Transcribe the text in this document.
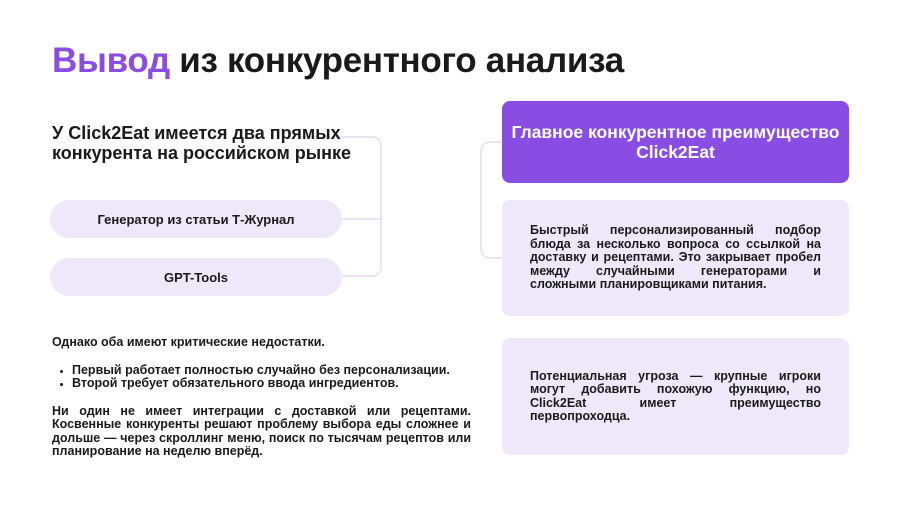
Вывод из конкурентного анализа
У Click2Eat имеется два прямых конкурента на российском рынке
Генератор из статьи Т-Журнал
GPT-Tools

Однако оба имеют критические недостатки.

• Первый работает полностью случайно без персонализации.
• Второй требует обязательного ввода ингредиентов.

Ни один не имеет интеграции с доставкой или рецептами. Косвенные конкуренты решают проблему выбора еды сложнее и дольше — через скроллинг меню, поиск по тысячам рецептов или планирование на неделю вперёд.

Главное конкурентное преимущество Click2Eat

Быстрый персонализированный подбор блюда за несколько вопроса со ссылкой на доставку и рецептами. Это закрывает пробел между случайными генераторами и сложными планировщиками питания.

Потенциальная угроза — крупные игроки могут добавить похожую функцию, но Click2Eat имеет преимущество первопроходца.
